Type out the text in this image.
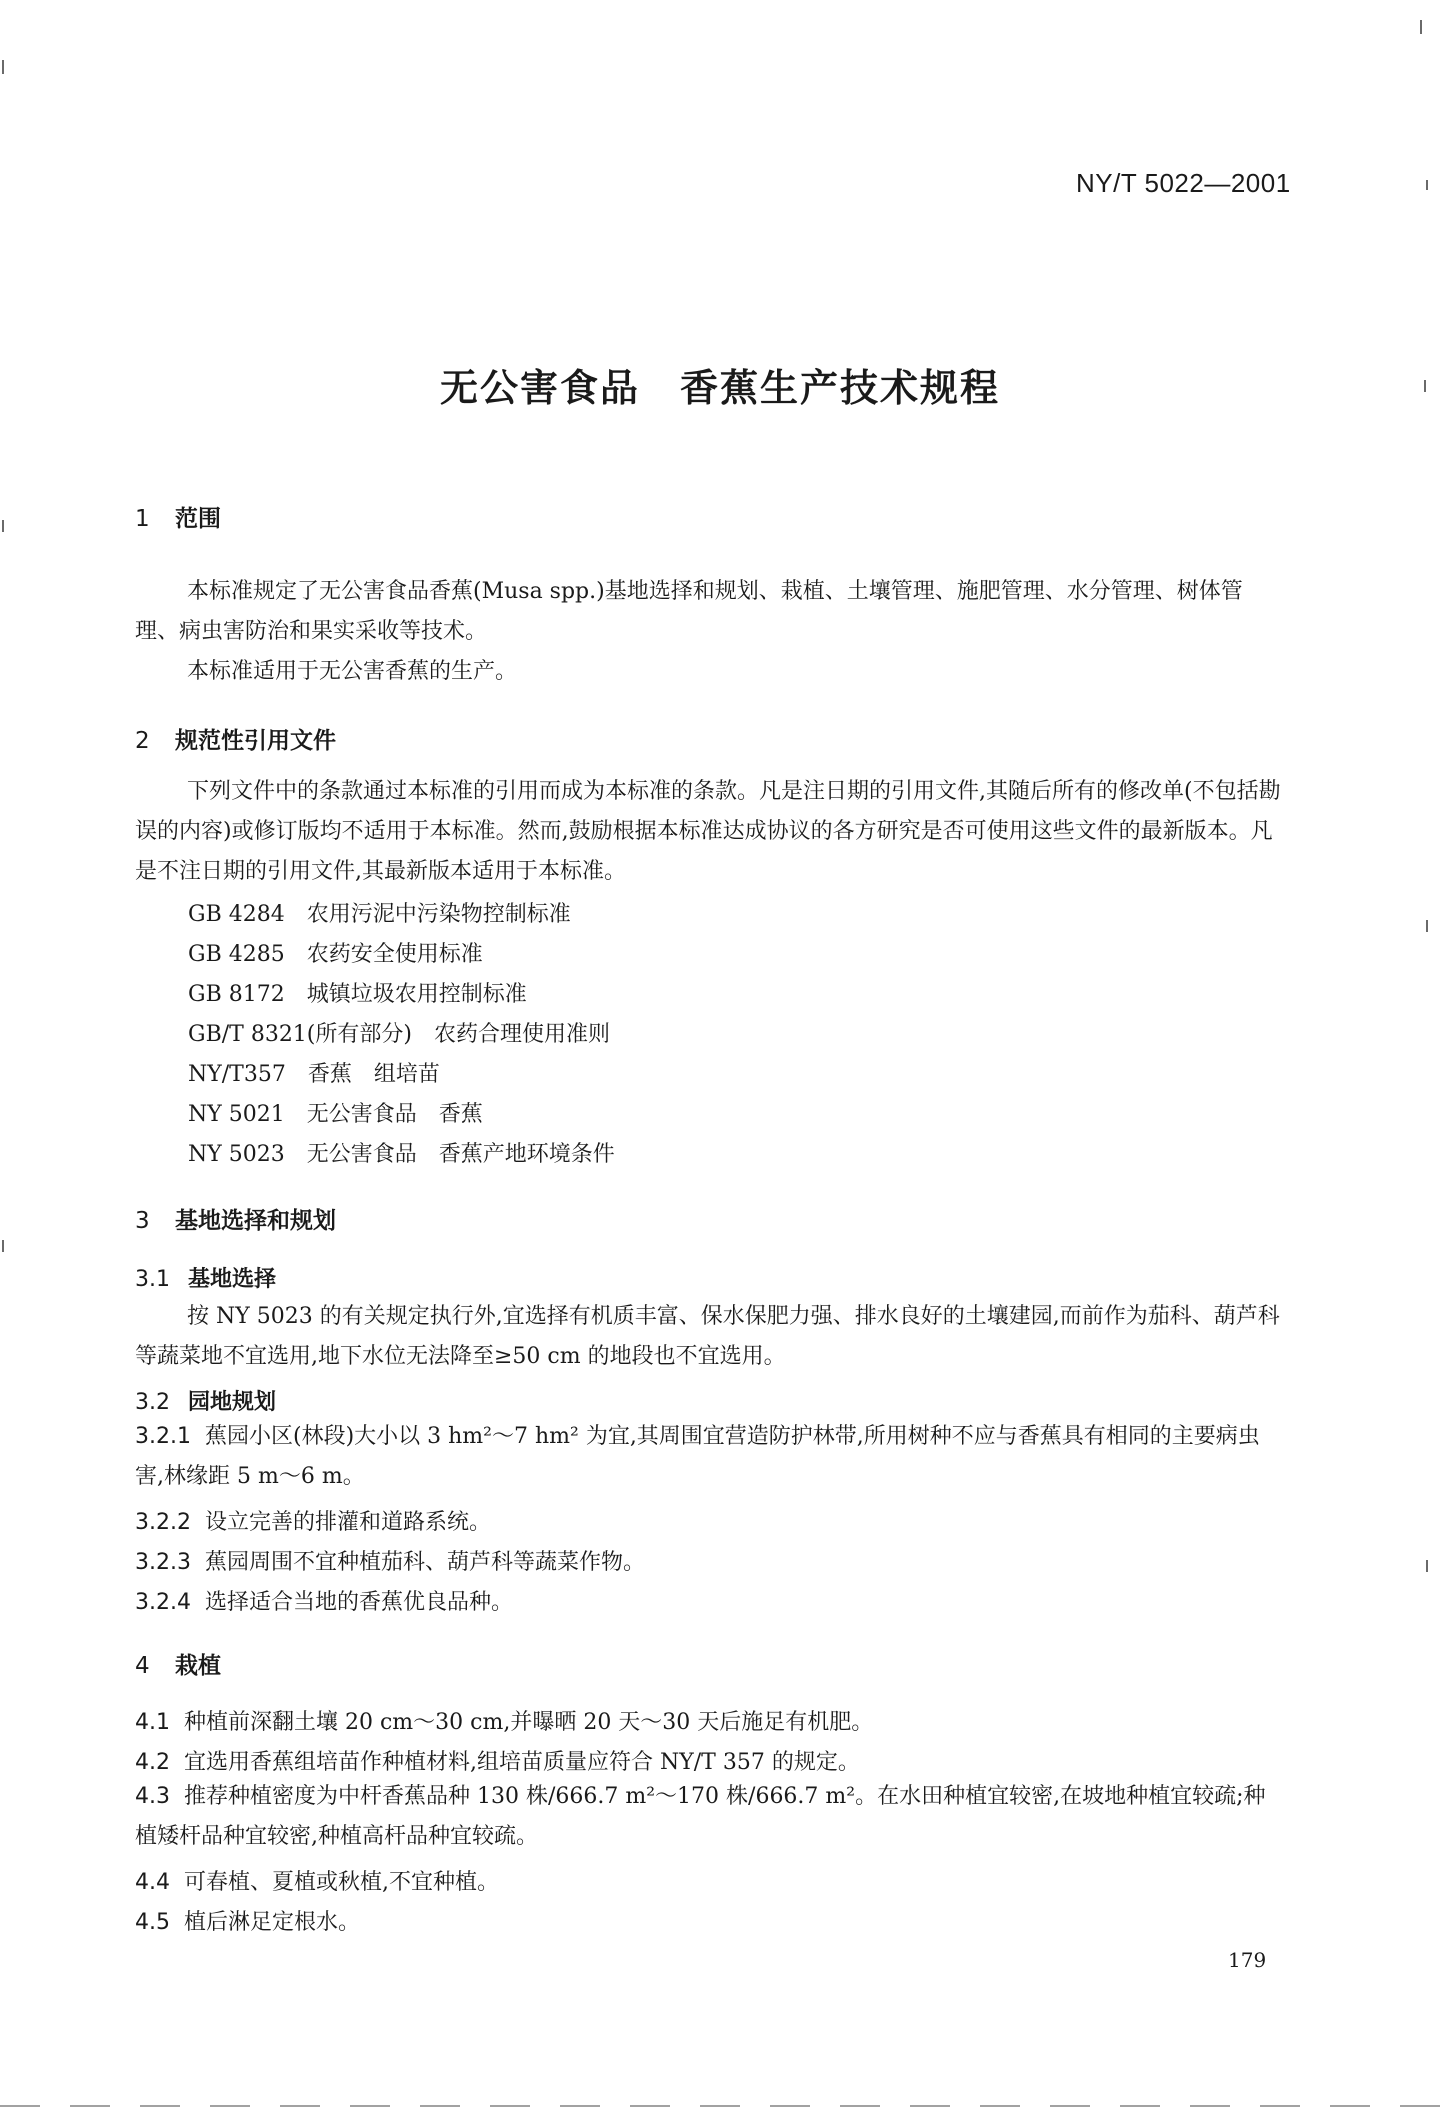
NY/T 5022—2001
无公害食品　香蕉生产技术规程
1 范围
本标准规定了无公害食品香蕉(Musa spp.)基地选择和规划、栽植、土壤管理、施肥管理、水分管理、树体管理、病虫害防治和果实采收等技术。
本标准适用于无公害香蕉的生产。
2 规范性引用文件
下列文件中的条款通过本标准的引用而成为本标准的条款。凡是注日期的引用文件,其随后所有的修改单(不包括勘误的内容)或修订版均不适用于本标准。然而,鼓励根据本标准达成协议的各方研究是否可使用这些文件的最新版本。凡是不注日期的引用文件,其最新版本适用于本标准。
GB 4284 农用污泥中污染物控制标准
GB 4285 农药安全使用标准
GB 8172 城镇垃圾农用控制标准
GB/T 8321(所有部分) 农药合理使用准则
NY/T357 香蕉　组培苗
NY 5021 无公害食品　香蕉
NY 5023 无公害食品　香蕉产地环境条件
3 基地选择和规划
3.1 基地选择
按 NY 5023 的有关规定执行外,宜选择有机质丰富、保水保肥力强、排水良好的土壤建园,而前作为茄科、葫芦科等蔬菜地不宜选用,地下水位无法降至≥50 cm 的地段也不宜选用。
3.2 园地规划
3.2.1 蕉园小区(林段)大小以 3 hm²～7 hm² 为宜,其周围宜营造防护林带,所用树种不应与香蕉具有相同的主要病虫害,林缘距 5 m～6 m。
3.2.2 设立完善的排灌和道路系统。
3.2.3 蕉园周围不宜种植茄科、葫芦科等蔬菜作物。
3.2.4 选择适合当地的香蕉优良品种。
4 栽植
4.1 种植前深翻土壤 20 cm～30 cm,并曝晒 20 天～30 天后施足有机肥。
4.2 宜选用香蕉组培苗作种植材料,组培苗质量应符合 NY/T 357 的规定。
4.3 推荐种植密度为中杆香蕉品种 130 株/666.7 m²～170 株/666.7 m²。在水田种植宜较密,在坡地种植宜较疏;种植矮杆品种宜较密,种植高杆品种宜较疏。
4.4 可春植、夏植或秋植,不宜种植。
4.5 植后淋足定根水。
179
